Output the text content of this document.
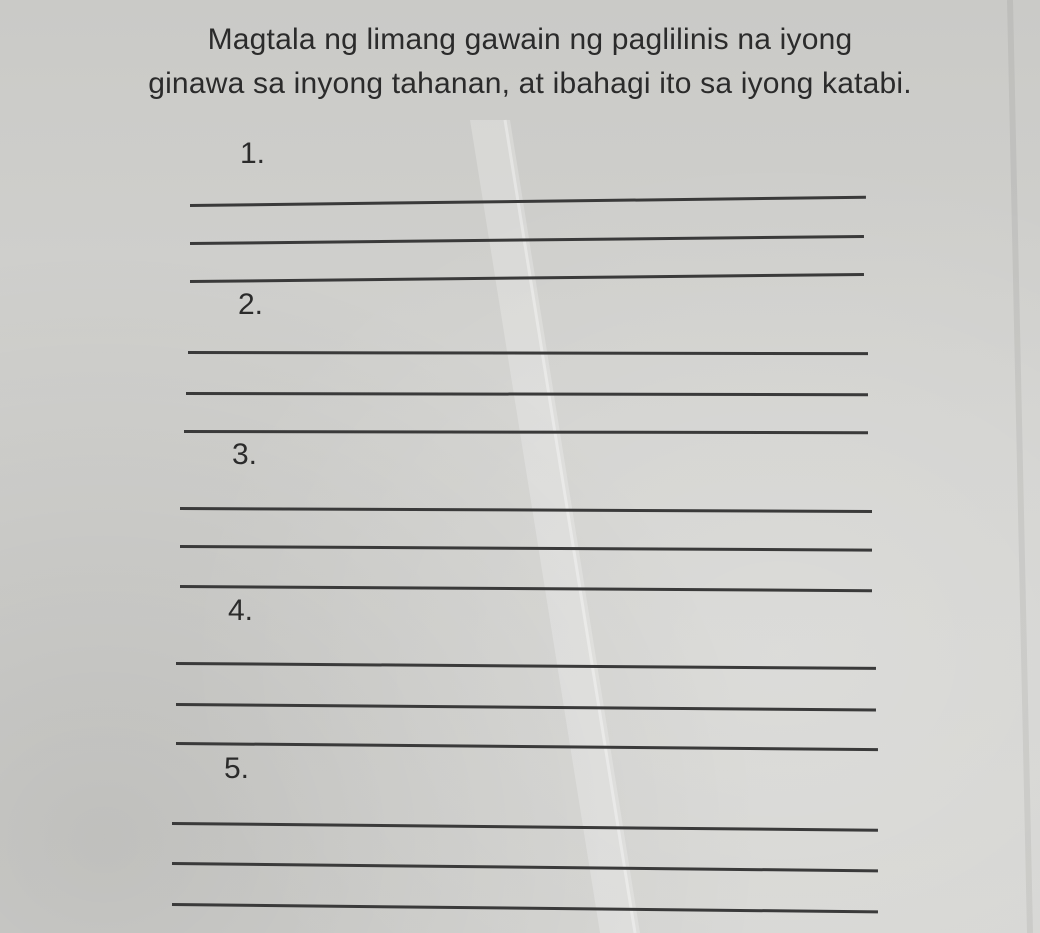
Magtala ng limang gawain ng paglilinis na iyong
ginawa sa inyong tahanan, at ibahagi ito sa iyong katabi.
1.
2.
3.
4.
5.
